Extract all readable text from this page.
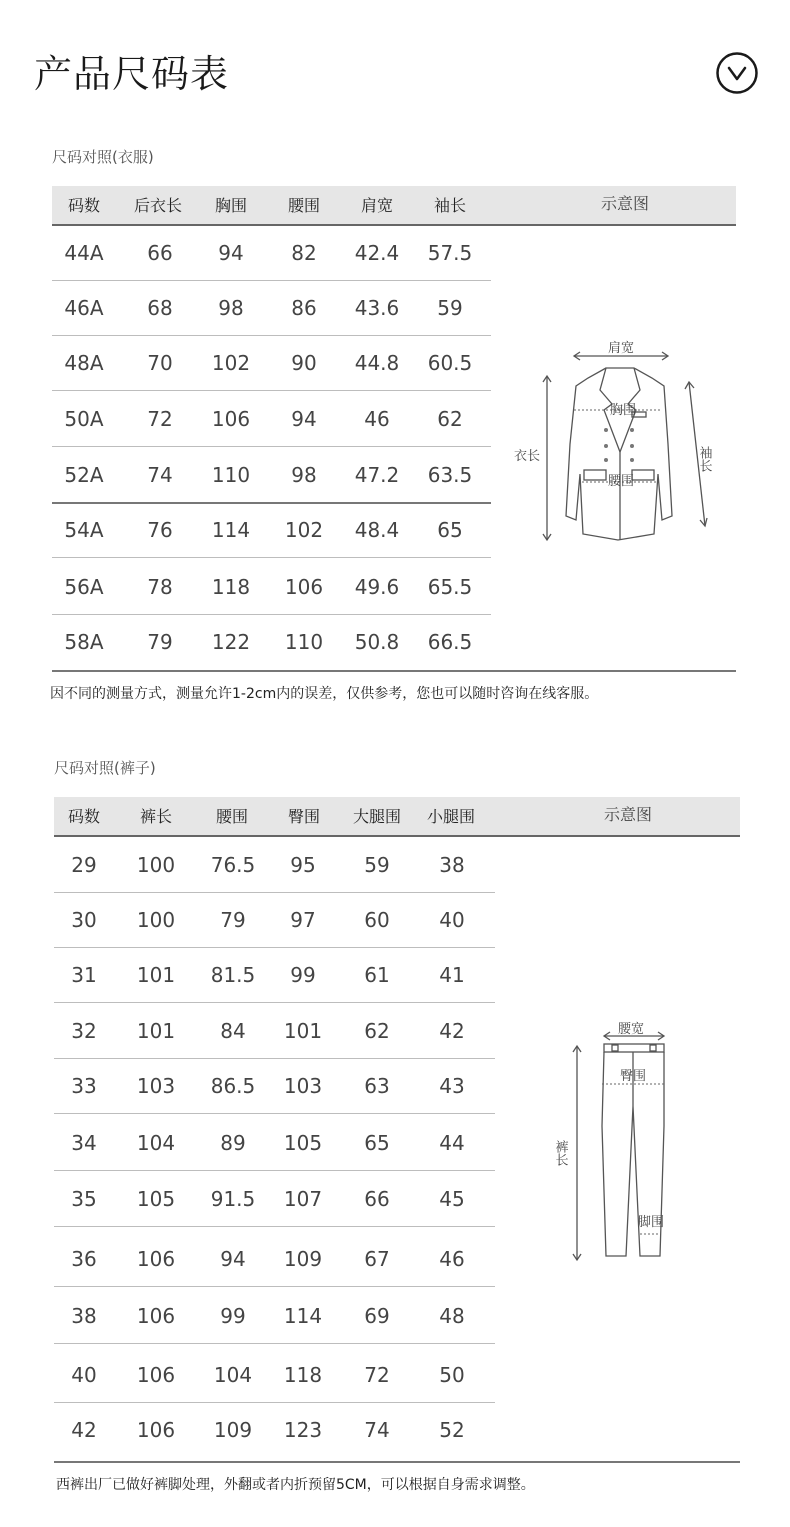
产品尺码表
尺码对照(衣服)
码数 后衣长 胸围	腰围	肩宽	袖长	示意图
44A 66 94 82 42.4 57.5
46A 68 98 86 43.6 59
48A 70 102 90 44.8 60.5
50A 72 106 94 46 62
52A 74 110 98 47.2 63.5
54A 76 114 102 48.4 65
56A 78 118 106 49.6 65.5
58A 79 122 110 50.8 66.5
肩宽
胸围
腰围
衣长	袖长
因不同的测量方式，测量允许1-2cm内的误差，仅供参考，您也可以随时咨询在线客服。
尺码对照(裤子)
码数 裤长	腰围 臀围 大腿围 小腿围	示意图
29 100 76.5 95 59 38
30 100 79 97 60 40
31 101 81.5 99 61 41
32 101 84 101 62 42
33 103 86.5 103 63 43
34 104 89 105 65 44
35 105 91.5 107 66 45
36 106 94 109 67 46
38 106 99 114 69 48
40 106 104 118 72 50
42 106 109 123 74 52
腰宽
臀围
裤长
脚围
西裤出厂已做好裤脚处理，外翻或者内折预留5CM，可以根据自身需求调整。
